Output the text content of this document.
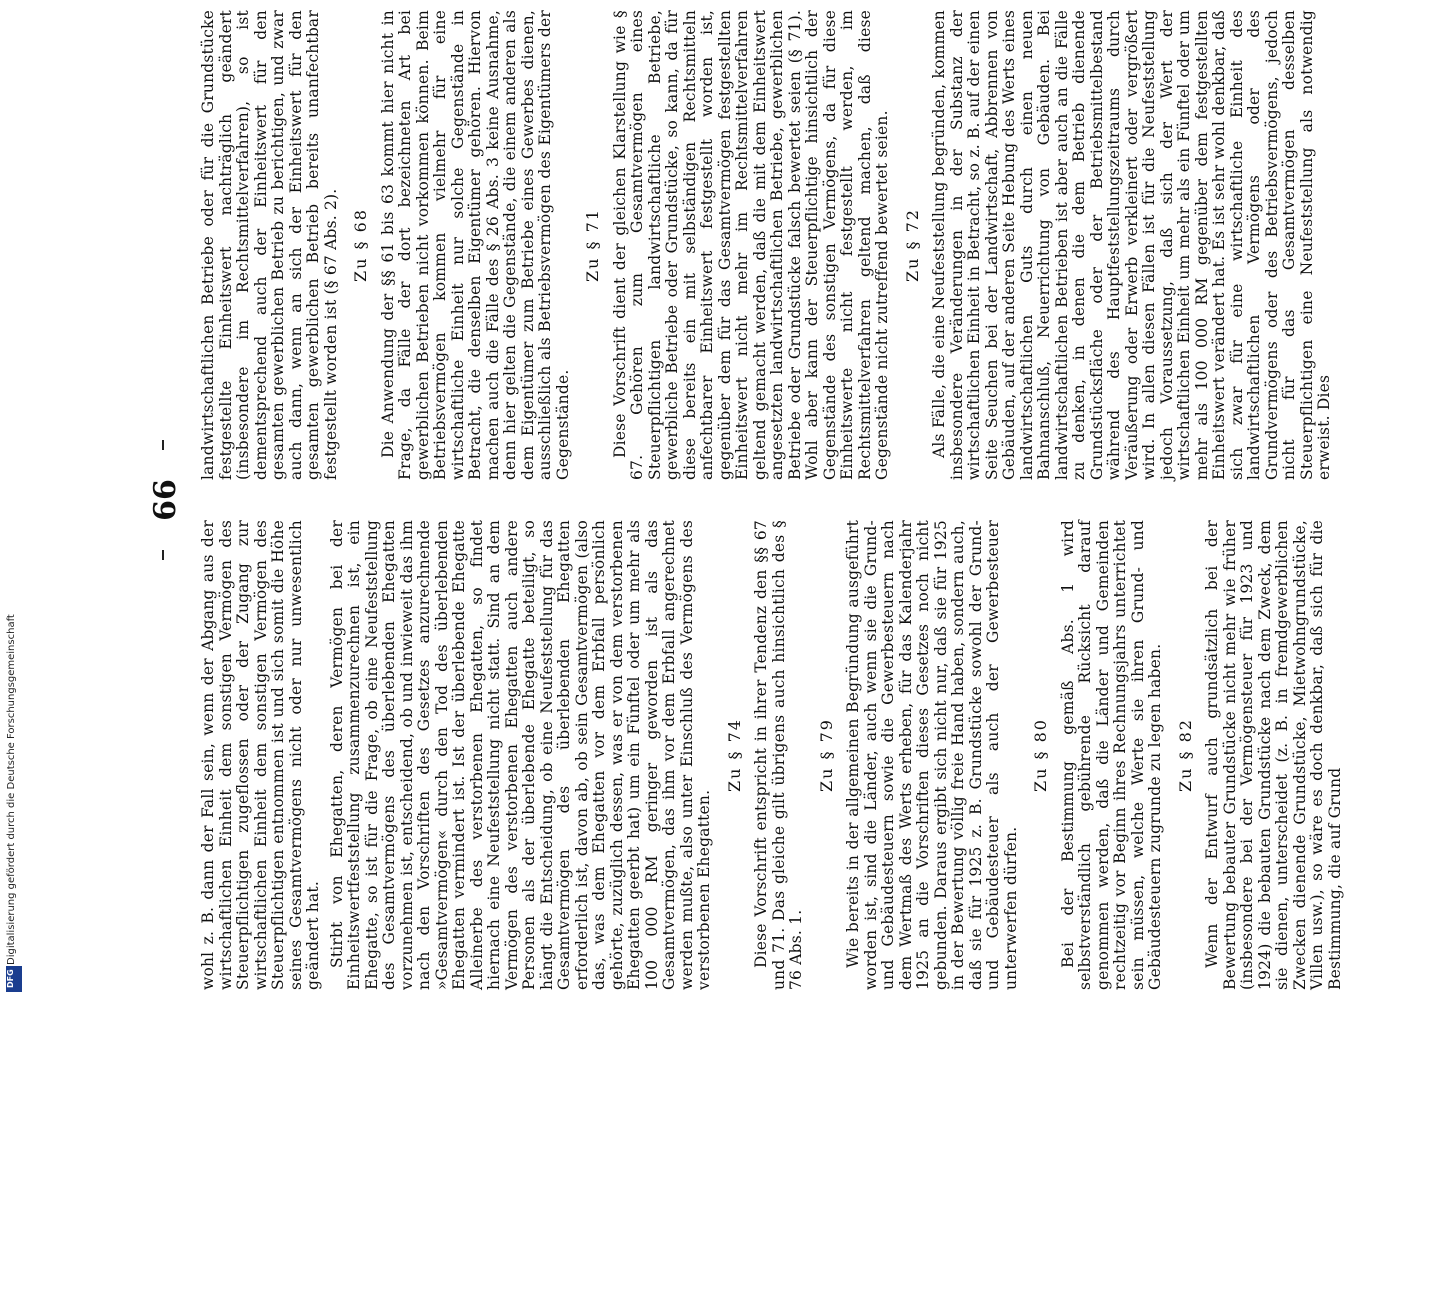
Digitalisierung gefördert durch die Deutsche Forschungsgemeinschaft
DFG
66

wohl z. B. dann der Fall sein, wenn der Abgang aus der wirtschaftlichen Einheit dem sonstigen Vermögen des Steuerpflichtigen zugeflossen oder der Zugang zur wirtschaftlichen Einheit dem sonstigen Vermögen des Steuerpflichtigen entnommen ist und sich somit die Höhe seines Gesamtvermögens nicht oder nur unwesentlich geändert hat. Stirbt von Ehegatten, deren Vermögen bei der Einheitswertfeststellung zusammenzurechnen ist, ein Ehegatte, so ist für die Frage, ob eine Neufeststellung des Gesamtvermögens des überlebenden Ehegatten vorzunehmen ist, entscheidend, ob und inwieweit das ihm nach den Vorschriften des Gesetzes anzurechnende »Gesamtvermögen« durch den Tod des überlebenden Ehegatten vermindert ist. Ist der überlebende Ehegatte Alleinerbe des verstorbenen Ehegatten, so findet hiernach eine Neufeststellung nicht statt. Sind an dem Vermögen des verstorbenen Ehegatten auch andere Personen als der überlebende Ehegatte beteiligt, so hängt die Entscheidung, ob eine Neufeststellung für das Gesamtvermögen des überlebenden Ehegatten erforderlich ist, davon ab, ob sein Gesamtvermögen (also das, was dem Ehegatten vor dem Erbfall persönlich gehörte, zuzüglich dessen, was er von dem verstorbenen Ehegatten geerbt hat) um ein Fünftel oder um mehr als 100 000 RM geringer geworden ist als das Gesamtvermögen, das ihm vor dem Erbfall angerechnet werden mußte, also unter Einschluß des Vermögens des verstorbenen Ehegatten.

Zu § 74 Diese Vorschrift entspricht in ihrer Tendenz den §§ 67 und 71. Das gleiche gilt übrigens auch hinsichtlich des § 76 Abs. 1.

Zu § 79 Wie bereits in der allgemeinen Begründung ausgeführt worden ist, sind die Länder, auch wenn sie die Grund- und Gebäudesteuern sowie die Gewerbesteuern nach dem Wertmaß des Werts erheben, für das Kalenderjahr 1925 an die Vorschriften dieses Gesetzes noch nicht gebunden. Daraus ergibt sich nicht nur, daß sie für 1925 in der Bewertung völlig freie Hand haben, sondern auch, daß sie für 1925 z. B. Grundstücke sowohl der Grund- und Gebäudesteuer als auch der Gewerbesteuer unterwerfen dürfen.

Zu § 80 Bei der Bestimmung gemäß Abs. 1 wird selbstverständlich gebührende Rücksicht darauf genommen werden, daß die Länder und Gemeinden rechtzeitig vor Beginn ihres Rechnungsjahrs unterrichtet sein müssen, welche Werte sie ihren Grund- und Gebäudesteuern zugrunde zu legen haben. Zu § 82 Wenn der Entwurf auch grundsätzlich bei der Bewertung bebauter Grundstücke nicht mehr wie früher (insbesondere bei der Vermögensteuer für 1923 und 1924) die bebauten Grundstücke nach dem Zweck, dem sie dienen, unterscheidet (z. B. in fremdgewerblichen Zwecken dienende Grundstücke, Mietwohngrundstücke, Villen usw.), so wäre es doch denkbar, daß sich für die Bestimmung, die auf Grund

landwirtschaftlichen Betriebe oder für die Grundstücke festgestellte Einheitswert nachträglich geändert (insbesondere im Rechtsmittelverfahren), so ist dementsprechend auch der Einheitswert für den gesamten gewerblichen Betrieb zu berichtigen, und zwar auch dann, wenn an sich der Einheitswert für den gesamten gewerblichen Betrieb bereits unanfechtbar festgestellt worden ist (§ 67 Abs. 2). Zu § 68 Die Anwendung der §§ 61 bis 63 kommt hier nicht in Frage, da Fälle der dort bezeichneten Art bei gewerblichen Betrieben nicht vorkommen können. Beim Betriebsvermögen kommen vielmehr für eine wirtschaftliche Einheit nur solche Gegenstände in Betracht, die denselben Eigentümer gehören. Hiervon machen auch die Fälle des § 26 Abs. 3 keine Ausnahme, denn hier gelten die Gegenstände, die einem anderen als dem Eigentümer zum Betriebe eines Gewerbes dienen, ausschließlich als Betriebsvermögen des Eigentümers der Gegenstände.

Zu § 71 Diese Vorschrift dient der gleichen Klarstellung wie § 67. Gehören zum Gesamtvermögen eines Steuerpflichtigen landwirtschaftliche Betriebe, gewerbliche Betriebe oder Grundstücke, so kann, da für diese bereits ein mit selbständigen Rechtsmitteln anfechtbarer Einheitswert festgestellt worden ist, gegenüber dem für das Gesamtvermögen festgestellten Einheitswert nicht mehr im Rechtsmittelverfahren geltend gemacht werden, daß die mit dem Einheitswert angesetzten landwirtschaftlichen Betriebe, gewerblichen Betriebe oder Grundstücke falsch bewertet seien (§ 71). Wohl aber kann der Steuerpflichtige hinsichtlich der Gegenstände des sonstigen Vermögens, da für diese Einheitswerte nicht festgestellt werden, im Rechtsmittelverfahren geltend machen, daß diese Gegenstände nicht zutreffend bewertet seien. Zu § 72 Als Fälle, die eine Neufeststellung begründen, kommen insbesondere Veränderungen in der Substanz der wirtschaftlichen Einheit in Betracht, so z. B. auf der einen Seite Seuchen bei der Landwirtschaft, Abbrennen von Gebäuden, auf der anderen Seite Hebung des Werts eines landwirtschaftlichen Guts durch einen neuen Bahnanschluß, Neuerrichtung von Gebäuden. Bei landwirtschaftlichen Betrieben ist aber auch an die Fälle zu denken, in denen die dem Betrieb dienende Grundstücksfläche oder der Betriebsmittelbestand während des Hauptfeststellungszeitraums durch Veräußerung oder Erwerb verkleinert oder vergrößert wird. In allen diesen Fällen ist für die Neufeststellung jedoch Voraussetzung, daß sich der Wert der wirtschaftlichen Einheit um mehr als ein Fünftel oder um mehr als 100 000 RM gegenüber dem festgestellten Einheitswert verändert hat. Es ist sehr wohl denkbar, daß sich zwar für eine wirtschaftliche Einheit des landwirtschaftlichen Vermögens oder des Grundvermögens oder des Betriebsvermögens, jedoch nicht für das Gesamtvermögen desselben Steuerpflichtigen eine Neufeststellung als notwendig erweist. Dies
